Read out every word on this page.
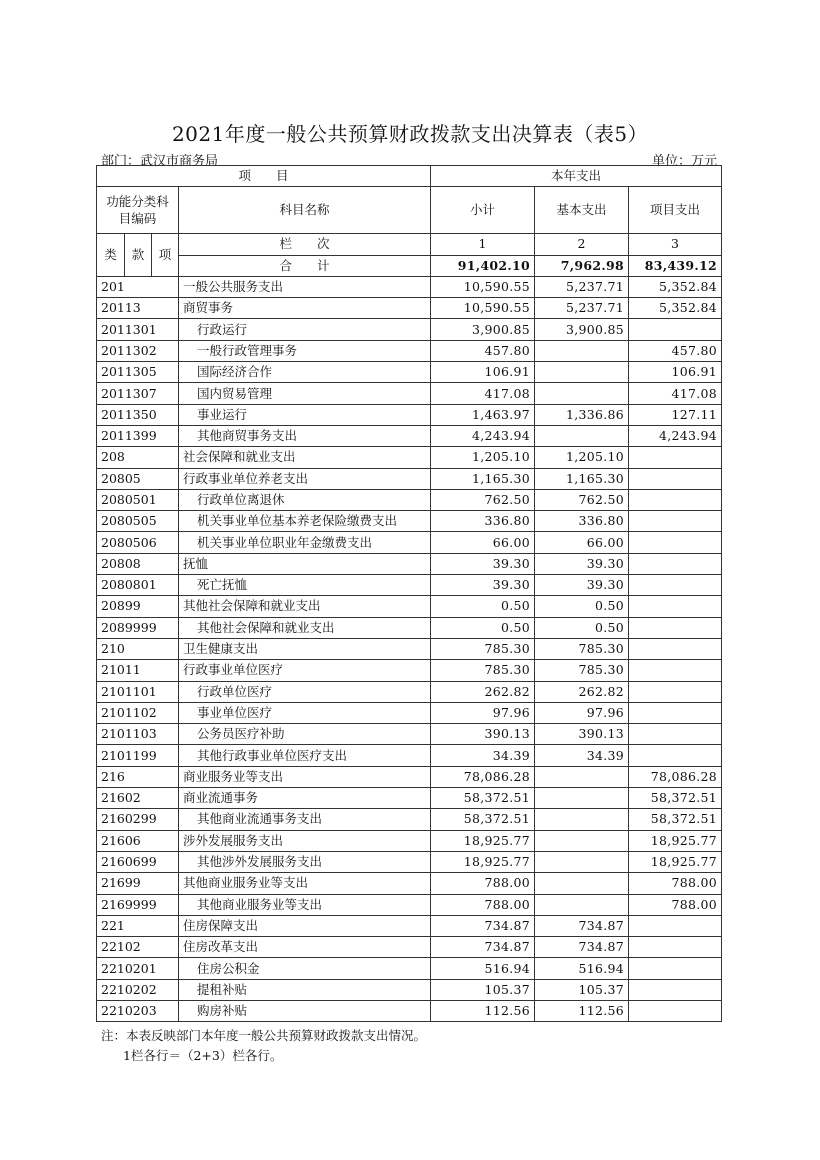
2021年度一般公共预算财政拨款支出决算表（表5）
部门：武汉市商务局	单位：万元
项　　目				本年支出		
功能分类科目编码			科目名称	小计	基本支出	项目支出
类	款	项	栏　　次	1	2	3
			合　　计	91,402.10	7,962.98	83,439.12
201			一般公共服务支出	10,590.55	5,237.71	5,352.84
20113			商贸事务	10,590.55	5,237.71	5,352.84
2011301			行政运行	3,900.85	3,900.85	
2011302			一般行政管理事务	457.80		457.80
2011305			国际经济合作	106.91		106.91
2011307			国内贸易管理	417.08		417.08
2011350			事业运行	1,463.97	1,336.86	127.11
2011399			其他商贸事务支出	4,243.94		4,243.94
208			社会保障和就业支出	1,205.10	1,205.10	
20805			行政事业单位养老支出	1,165.30	1,165.30	
2080501			行政单位离退休	762.50	762.50	
2080505			机关事业单位基本养老保险缴费支出	336.80	336.80	
2080506			机关事业单位职业年金缴费支出	66.00	66.00	
20808			抚恤	39.30	39.30	
2080801			死亡抚恤	39.30	39.30	
20899			其他社会保障和就业支出	0.50	0.50	
2089999			其他社会保障和就业支出	0.50	0.50	
210			卫生健康支出	785.30	785.30	
21011			行政事业单位医疗	785.30	785.30	
2101101			行政单位医疗	262.82	262.82	
2101102			事业单位医疗	97.96	97.96	
2101103			公务员医疗补助	390.13	390.13	
2101199			其他行政事业单位医疗支出	34.39	34.39	
216			商业服务业等支出	78,086.28		78,086.28
21602			商业流通事务	58,372.51		58,372.51
2160299			其他商业流通事务支出	58,372.51		58,372.51
21606			涉外发展服务支出	18,925.77		18,925.77
2160699			其他涉外发展服务支出	18,925.77		18,925.77
21699			其他商业服务业等支出	788.00		788.00
2169999			其他商业服务业等支出	788.00		788.00
221			住房保障支出	734.87	734.87	
22102			住房改革支出	734.87	734.87	
2210201			住房公积金	516.94	516.94	
2210202			提租补贴	105.37	105.37	
2210203			购房补贴	112.56	112.56	
注：本表反映部门本年度一般公共预算财政拨款支出情况。
1栏各行＝（2+3）栏各行。
